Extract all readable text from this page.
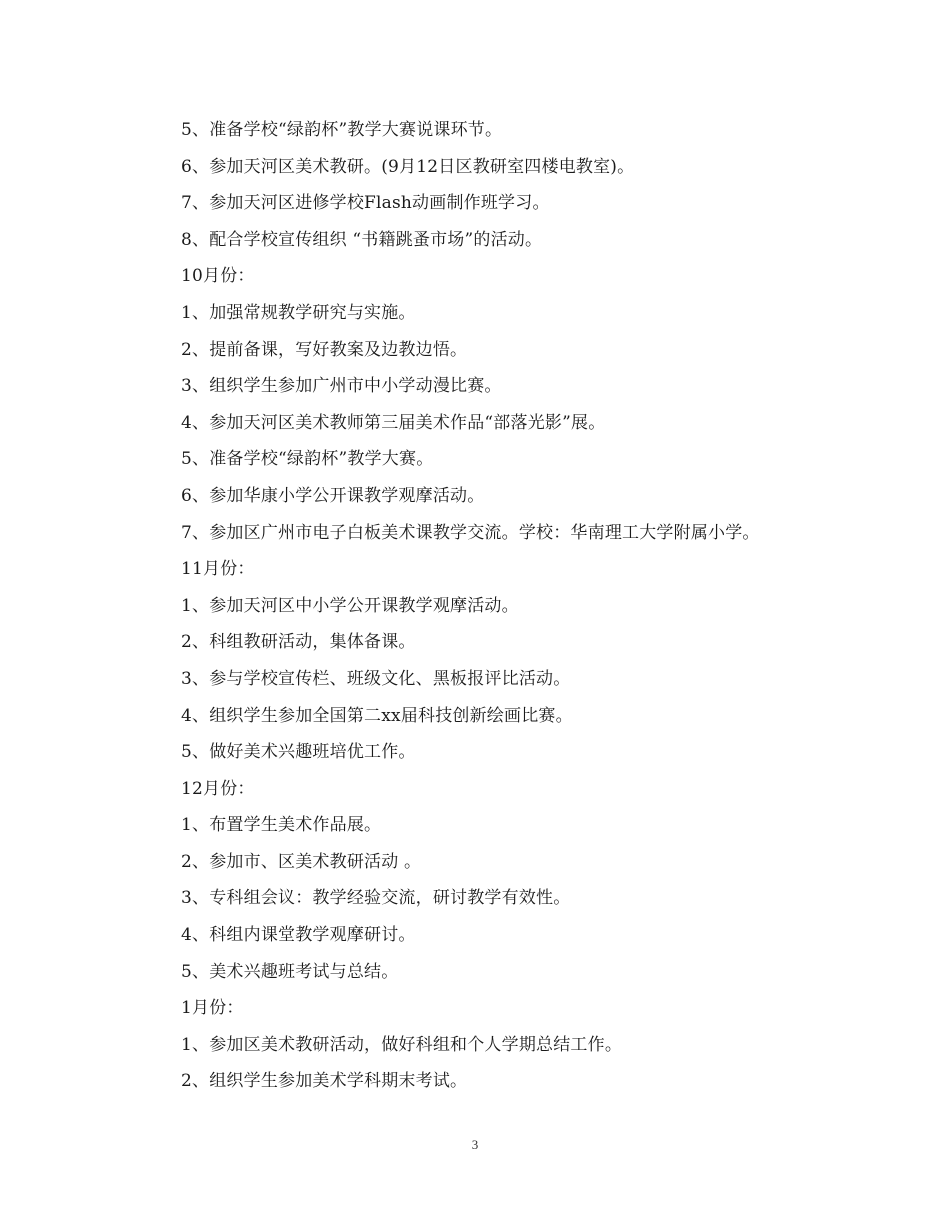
5、准备学校“绿韵杯”教学大赛说课环节。
6、参加天河区美术教研。(9月12日区教研室四楼电教室)。
7、参加天河区进修学校Flash动画制作班学习。
8、配合学校宣传组织 “书籍跳蚤市场”的活动。
10月份：
1、加强常规教学研究与实施。
2、提前备课，写好教案及边教边悟。
3、组织学生参加广州市中小学动漫比赛。
4、参加天河区美术教师第三届美术作品“部落光影”展。
5、准备学校“绿韵杯”教学大赛。
6、参加华康小学公开课教学观摩活动。
7、参加区广州市电子白板美术课教学交流。学校：华南理工大学附属小学。
11月份：
1、参加天河区中小学公开课教学观摩活动。
2、科组教研活动，集体备课。
3、参与学校宣传栏、班级文化、黑板报评比活动。
4、组织学生参加全国第二xx届科技创新绘画比赛。
5、做好美术兴趣班培优工作。
12月份：
1、布置学生美术作品展。
2、参加市、区美术教研活动 。
3、专科组会议：教学经验交流，研讨教学有效性。
4、科组内课堂教学观摩研讨。
5、美术兴趣班考试与总结。
1月份：
1、参加区美术教研活动，做好科组和个人学期总结工作。
2、组织学生参加美术学科期末考试。
3
